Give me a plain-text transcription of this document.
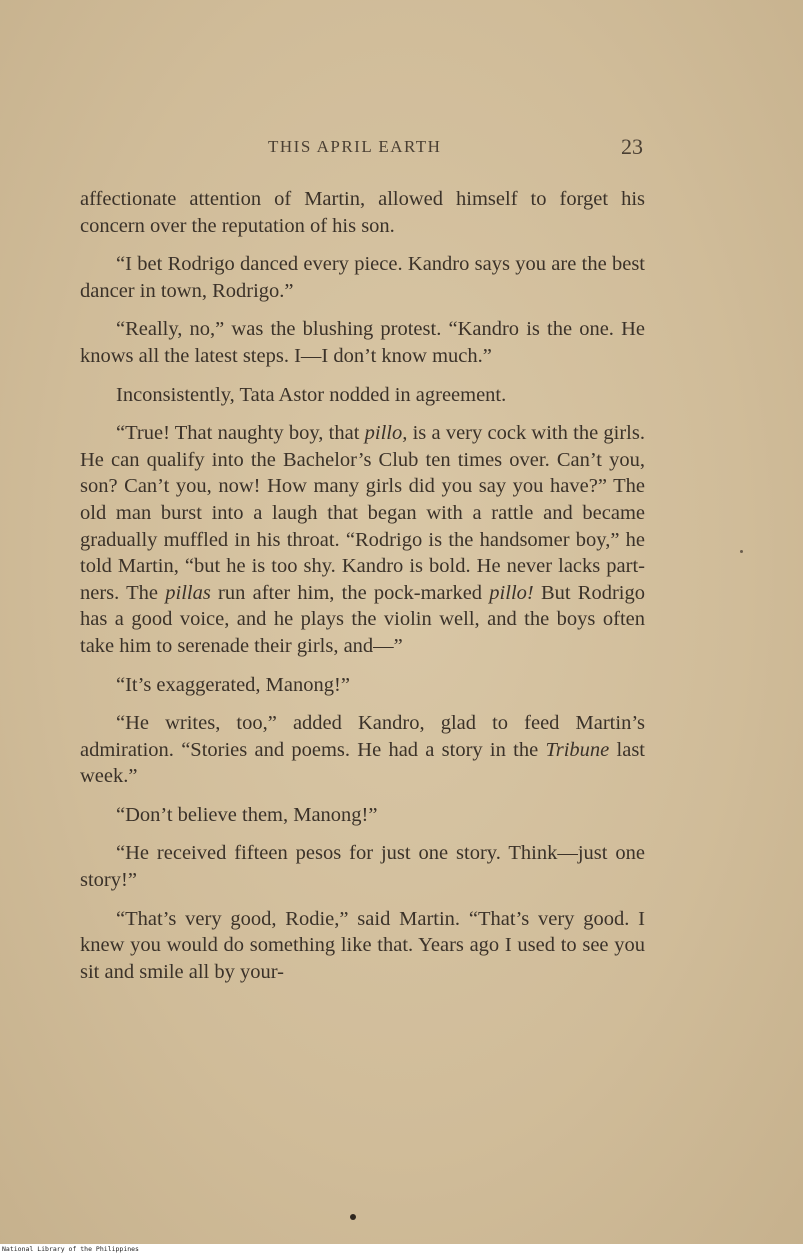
THIS APRIL EARTH	23

affectionate attention of Martin, allowed himself to forget his concern over the reputation of his son.

“I bet Rodrigo danced every piece. Kandro says you are the best dancer in town, Rodrigo.”

“Really, no,” was the blushing protest. “Kandro is the one. He knows all the latest steps. I—I don’t know much.”

Inconsistently, Tata Astor nodded in agreement.

“True! That naughty boy, that pillo, is a very cock with the girls. He can qualify into the Bachelor’s Club ten times over. Can’t you, son? Can’t you, now! How many girls did you say you have?” The old man burst into a laugh that began with a rattle and became gradually muffled in his throat. “Rodrigo is the handsomer boy,” he told Martin, “but he is too shy. Kandro is bold. He never lacks partners. The pillas run after him, the pock-marked pillo! But Rodrigo has a good voice, and he plays the violin well, and the boys often take him to serenade their girls, and—”

“It’s exaggerated, Manong!”

“He writes, too,” added Kandro, glad to feed Martin’s admiration. “Stories and poems. He had a story in the Tribune last week.”

“Don’t believe them, Manong!”

“He received fifteen pesos for just one story. Think—just one story!”

“That’s very good, Rodie,” said Martin. “That’s very good. I knew you would do something like that. Years ago I used to see you sit and smile all by your-

National Library of the Philippines
